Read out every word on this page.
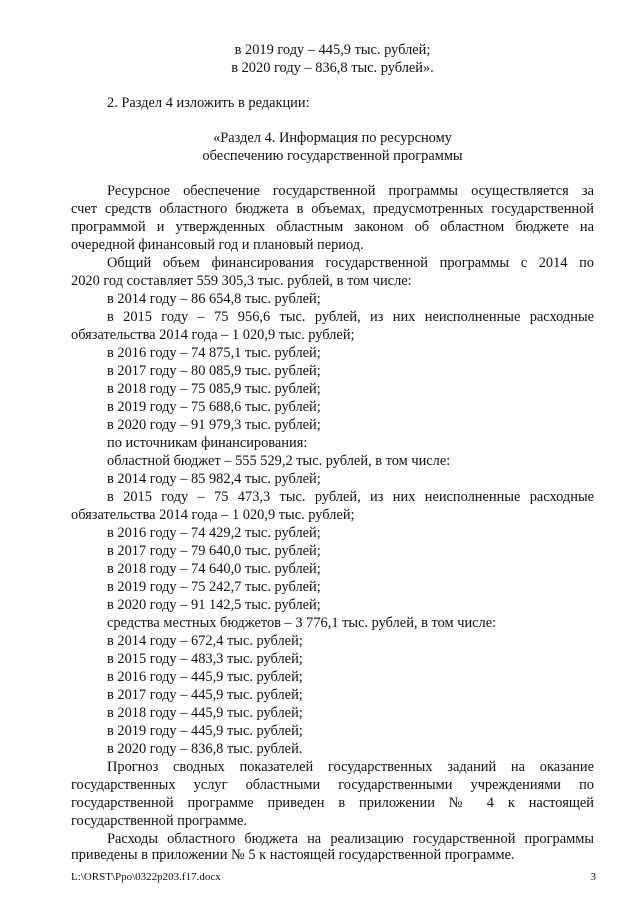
в 2019 году – 445,9 тыс. рублей;

в 2020 году – 836,8 тыс. рублей».

2. Раздел 4 изложить в редакции:

«Раздел 4. Информация по ресурсному

обеспечению государственной программы

Ресурсное обеспечение государственной программы осуществляется за

счет средств областного бюджета в объемах, предусмотренных государственной

программой и утвержденных областным законом об областном бюджете на

очередной финансовый год и плановый период.

Общий объем финансирования государственной программы с 2014 по

2020 год составляет 559 305,3 тыс. рублей, в том числе:

в 2014 году – 86 654,8 тыс. рублей;

в 2015 году – 75 956,6 тыс. рублей, из них неисполненные расходные

обязательства 2014 года – 1 020,9 тыс. рублей;

в 2016 году – 74 875,1 тыс. рублей;

в 2017 году – 80 085,9 тыс. рублей;

в 2018 году – 75 085,9 тыс. рублей;

в 2019 году – 75 688,6 тыс. рублей;

в 2020 году – 91 979,3 тыс. рублей;

по источникам финансирования:

областной бюджет – 555 529,2 тыс. рублей, в том числе:

в 2014 году – 85 982,4 тыс. рублей;

в 2015 году – 75 473,3 тыс. рублей, из них неисполненные расходные

обязательства 2014 года – 1 020,9 тыс. рублей;

в 2016 году – 74 429,2 тыс. рублей;

в 2017 году – 79 640,0 тыс. рублей;

в 2018 году – 74 640,0 тыс. рублей;

в 2019 году – 75 242,7 тыс. рублей;

в 2020 году – 91 142,5 тыс. рублей;

средства местных бюджетов – 3 776,1 тыс. рублей, в том числе:

в 2014 году – 672,4 тыс. рублей;

в 2015 году – 483,3 тыс. рублей;

в 2016 году – 445,9 тыс. рублей;

в 2017 году – 445,9 тыс. рублей;

в 2018 году – 445,9 тыс. рублей;

в 2019 году – 445,9 тыс. рублей;

в 2020 году – 836,8 тыс. рублей.

Прогноз сводных показателей государственных заданий на оказание

государственных услуг областными государственными учреждениями по

государственной программе приведен в приложении № 4 к настоящей

государственной программе.

Расходы областного бюджета на реализацию государственной программы

L:\ORST\Ppo\0322p203.f17.docx	3

приведены в приложении № 5 к настоящей государственной программе.
